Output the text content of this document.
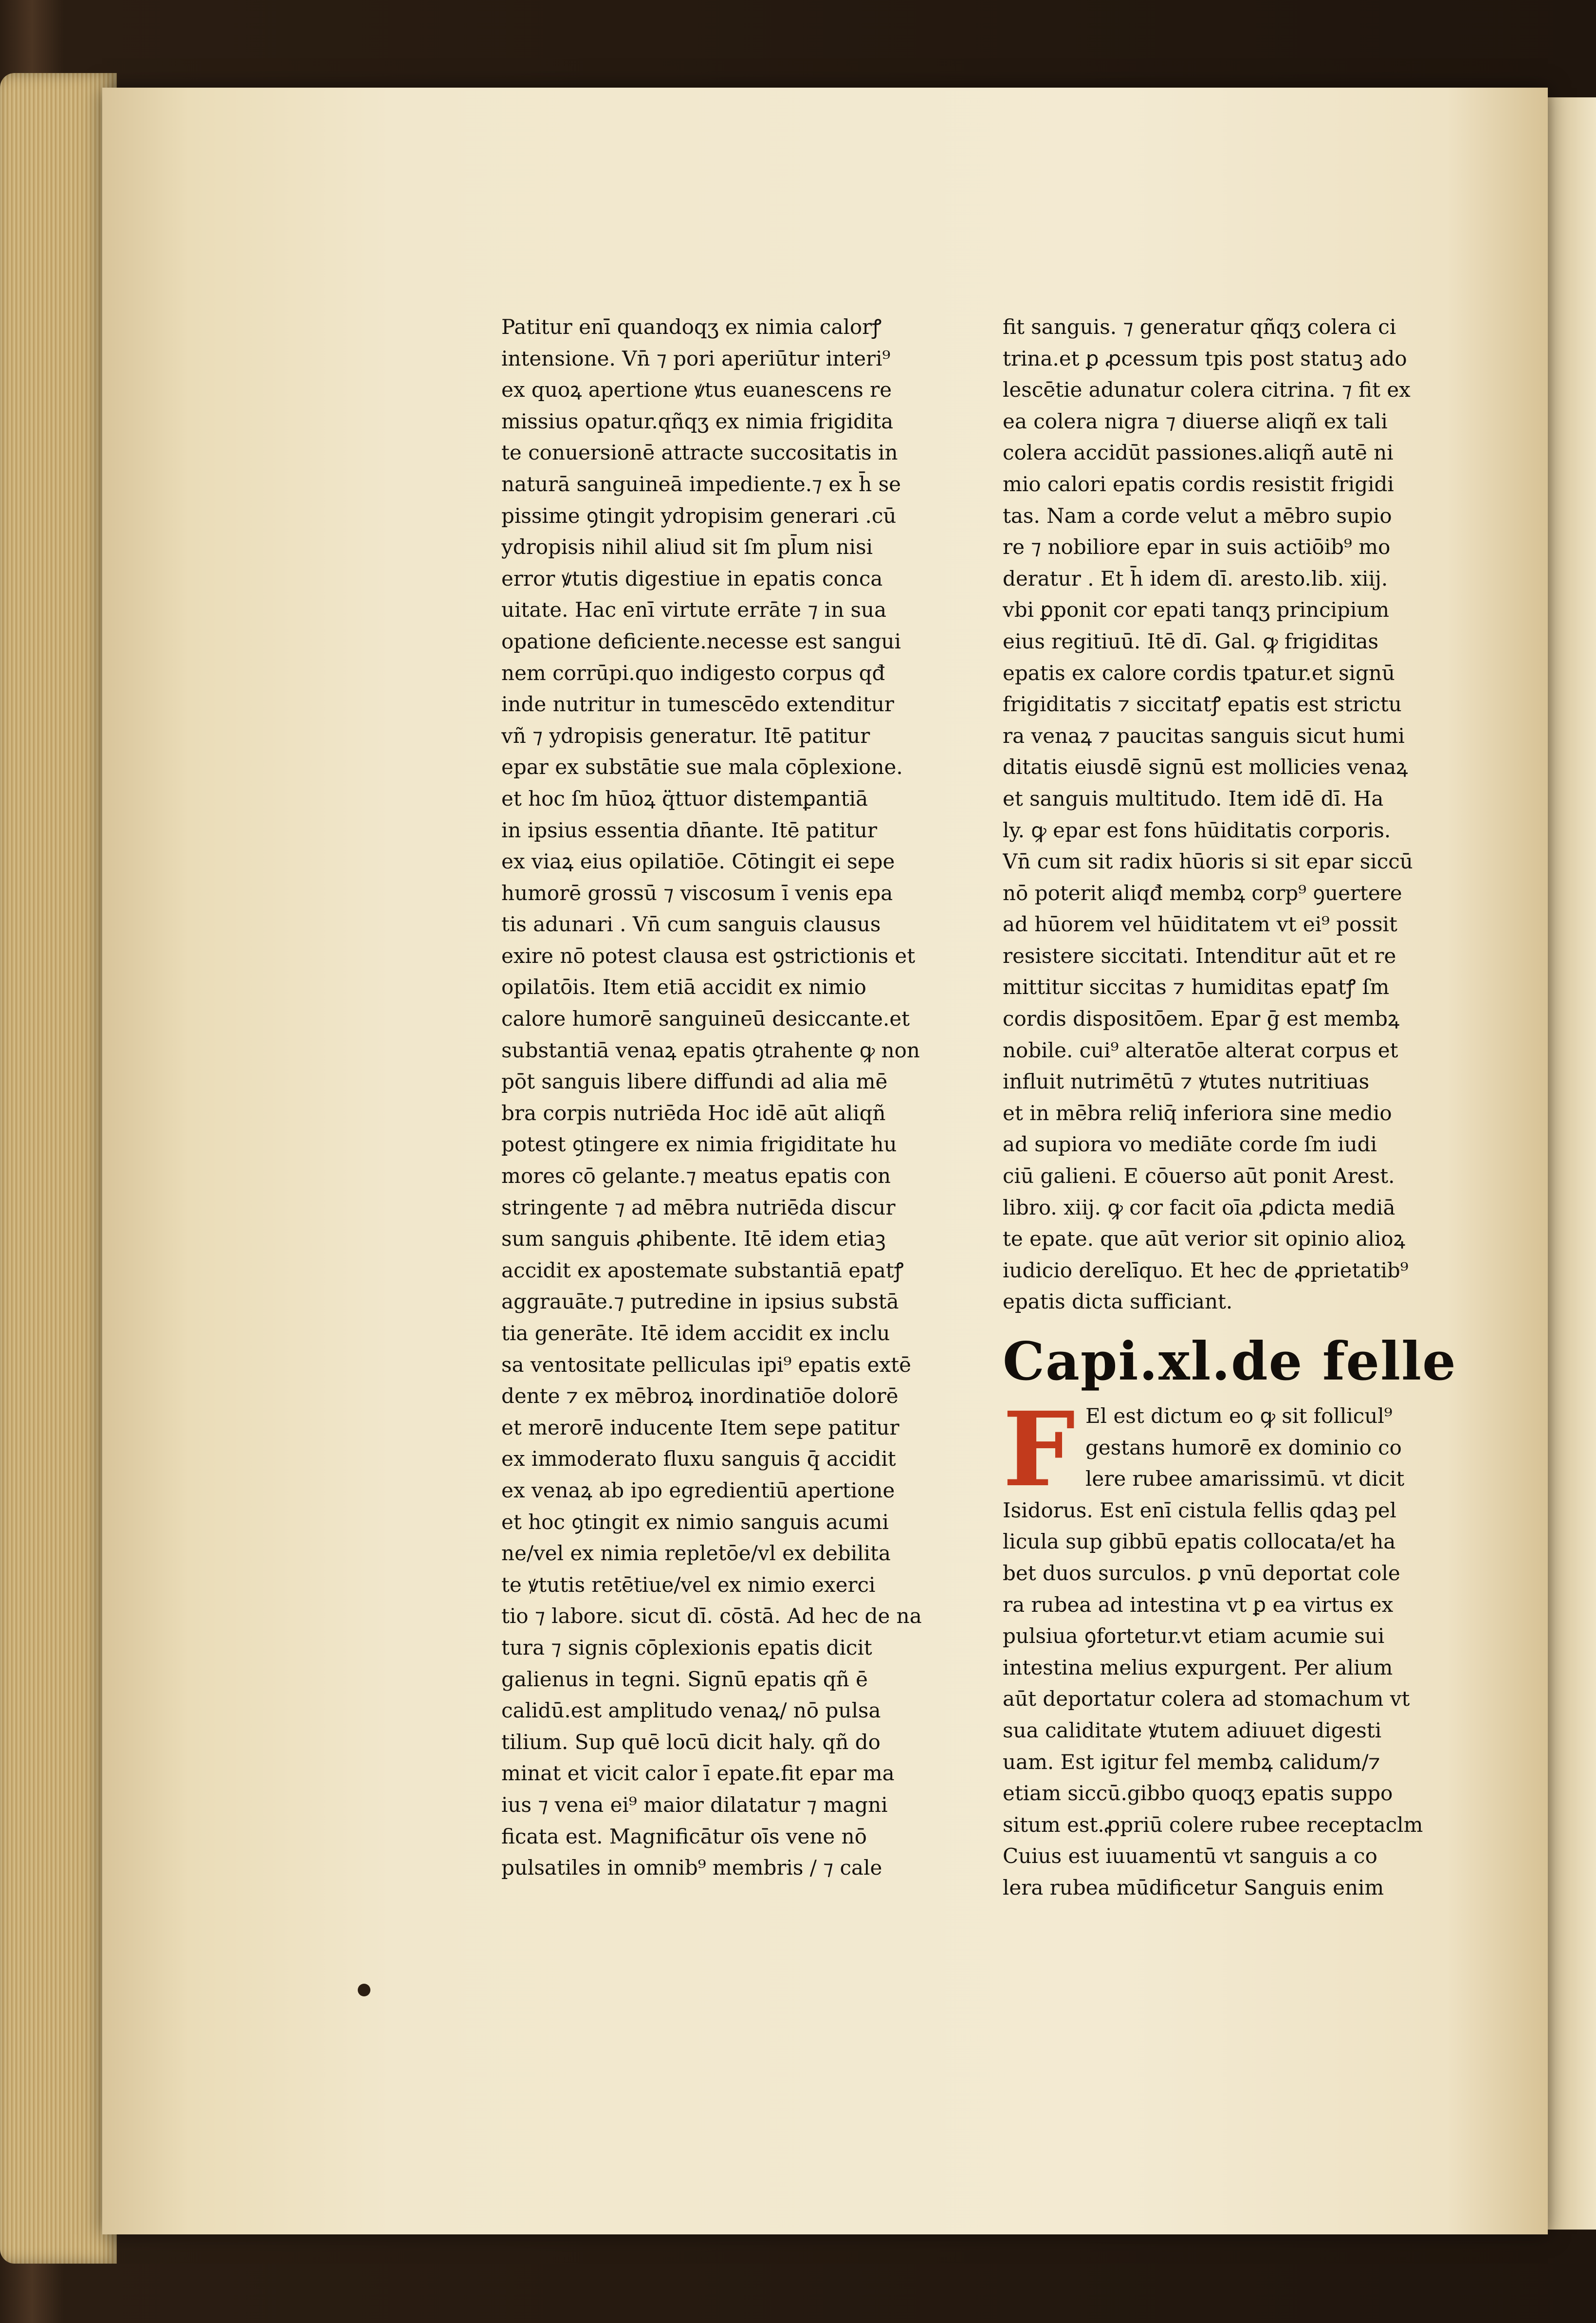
Patitur enī quandoqʒ ex nimia calorꝭ
intensione. Vn̄ ⁊ pori aperiūtur interi⁹
ex quoꝝ apertione ꝟtus euanescens re
missius opatur.qñqʒ ex nimia frigidita
te conuersionē attracte succositatis in
naturā sanguineā impediente.⁊ ex h̄ se
pissime ꝯtingit ydropisim generari .cū
ydropisis nihil aliud sit ſm pl̄um nisi
error ꝟtutis digestiue in epatis conca
uitate. Hac enī virtute errāte ⁊ in sua
opatione deficiente.necesse est sangui
nem corrūpi.quo indigesto corpus qđ
inde nutritur in tumescēdo extenditur
vñ ⁊ ydropisis generatur. Itē patitur
epar ex substātie sue mala cōplexione.
et hoc ſm hūoꝝ q̈ttuor distemꝑantiā
in ipsius essentia dn̄ante. Itē patitur
ex viaꝝ eius opilatiōe. Cōtingit ei sepe
humorē grossū ⁊ viscosum ī venis epa
tis adunari . Vn̄ cum sanguis clausus
exire nō potest clausa est ꝯstrictionis et
opilatōis. Item etiā accidit ex nimio
calore humorē sanguineū desiccante.et
substantiā venaꝝ epatis ꝯtrahente ꝙ non
pōt sanguis libere diffundi ad alia mē
bra corpis nutriēda Hoc idē aūt aliqñ
potest ꝯtingere ex nimia frigiditate hu
mores cō gelante.⁊ meatus epatis con
stringente ⁊ ad mēbra nutriēda discur
sum sanguis ꝓhibente. Itē idem etiaꝫ
accidit ex apostemate substantiā epatꝭ
aggrauāte.⁊ putredine in ipsius substā
tia generāte. Itē idem accidit ex inclu
sa ventositate pelliculas ipi⁹ epatis extē
dente ⁊ ex mēbroꝝ inordinatiōe dolorē
et merorē inducente Item sepe patitur
ex immoderato fluxu sanguis q̄ accidit
ex venaꝝ ab ipo egredientiū apertione
et hoc ꝯtingit ex nimio sanguis acumi
ne/vel ex nimia repletōe/vl ex debilita
te ꝟtutis retētiue/vel ex nimio exerci
tio ⁊ labore. sicut dī. cōstā. Ad hec de na
tura ⁊ signis cōplexionis epatis dicit
galienus in tegni. Signū epatis qñ ē
calidū.est amplitudo venaꝝ/ nō pulsa
tilium. Sup quē locū dicit haly. qñ do
minat et vicit calor ī epate.fit epar ma
ius ⁊ vena ei⁹ maior dilatatur ⁊ magni
ficata est. Magnificātur oīs vene nō
pulsatiles in omnib⁹ membris / ⁊ cale
fit sanguis. ⁊ generatur qñqʒ colera ci
trina.et ꝑ ꝓcessum tpis post statuꝫ ado
lescētie adunatur colera citrina. ⁊ fit ex
ea colera nigra ⁊ diuerse aliqñ ex tali
colera accidūt passiones.aliqñ autē ni
mio calori epatis cordis resistit frigidi
tas. Nam a corde velut a mēbro supio
re ⁊ nobiliore epar in suis actiōib⁹ mo
deratur . Et h̄ idem dī. aresto.lib. xiij.
vbi ꝑponit cor epati tanqʒ principium
eius regitiuū. Itē dī. Gal. ꝙ frigiditas
epatis ex calore cordis tꝑatur.et signū
frigiditatis ⁊ siccitatꝭ epatis est strictu
ra venaꝝ ⁊ paucitas sanguis sicut humi
ditatis eiusdē signū est mollicies venaꝝ
et sanguis multitudo. Item idē dī. Ha
ly. ꝙ epar est fons hūiditatis corporis.
Vn̄ cum sit radix hūoris si sit epar siccū
nō poterit aliqđ membꝝ corp⁹ ꝯuertere
ad hūorem vel hūiditatem vt ei⁹ possit
resistere siccitati. Intenditur aūt et re
mittitur siccitas ⁊ humiditas epatꝭ ſm
cordis dispositōem. Epar ḡ est membꝝ
nobile. cui⁹ alteratōe alterat corpus et
influit nutrimētū ⁊ ꝟtutes nutritiuas
et in mēbra reliq̄ inferiora sine medio
ad supiora vo mediāte corde ſm iudi
ciū galieni. E cōuerso aūt ponit Arest.
libro. xiij. ꝙ cor facit oīa ꝓdicta mediā
te epate. que aūt verior sit opinio alioꝝ
iudicio derelīquo. Et hec de ꝓprietatib⁹
epatis dicta sufficiant.
Capi.xl.de felle
F El est dictum eo ꝙ sit follicul⁹
gestans humorē ex dominio co
lere rubee amarissimū. vt dicit
Isidorus. Est enī cistula fellis qdaꝫ pel
licula sup gibbū epatis collocata/et ha
bet duos surculos. ꝑ vnū deportat cole
ra rubea ad intestina vt ꝑ ea virtus ex
pulsiua ꝯfortetur.vt etiam acumie sui
intestina melius expurgent. Per alium
aūt deportatur colera ad stomachum vt
sua caliditate ꝟtutem adiuuet digesti
uam. Est igitur fel membꝝ calidum/⁊
etiam siccū.gibbo quoqʒ epatis suppo
situm est.ꝓpriū colere rubee receptaclm
Cuius est iuuamentū vt sanguis a co
lera rubea mūdificetur Sanguis enim
